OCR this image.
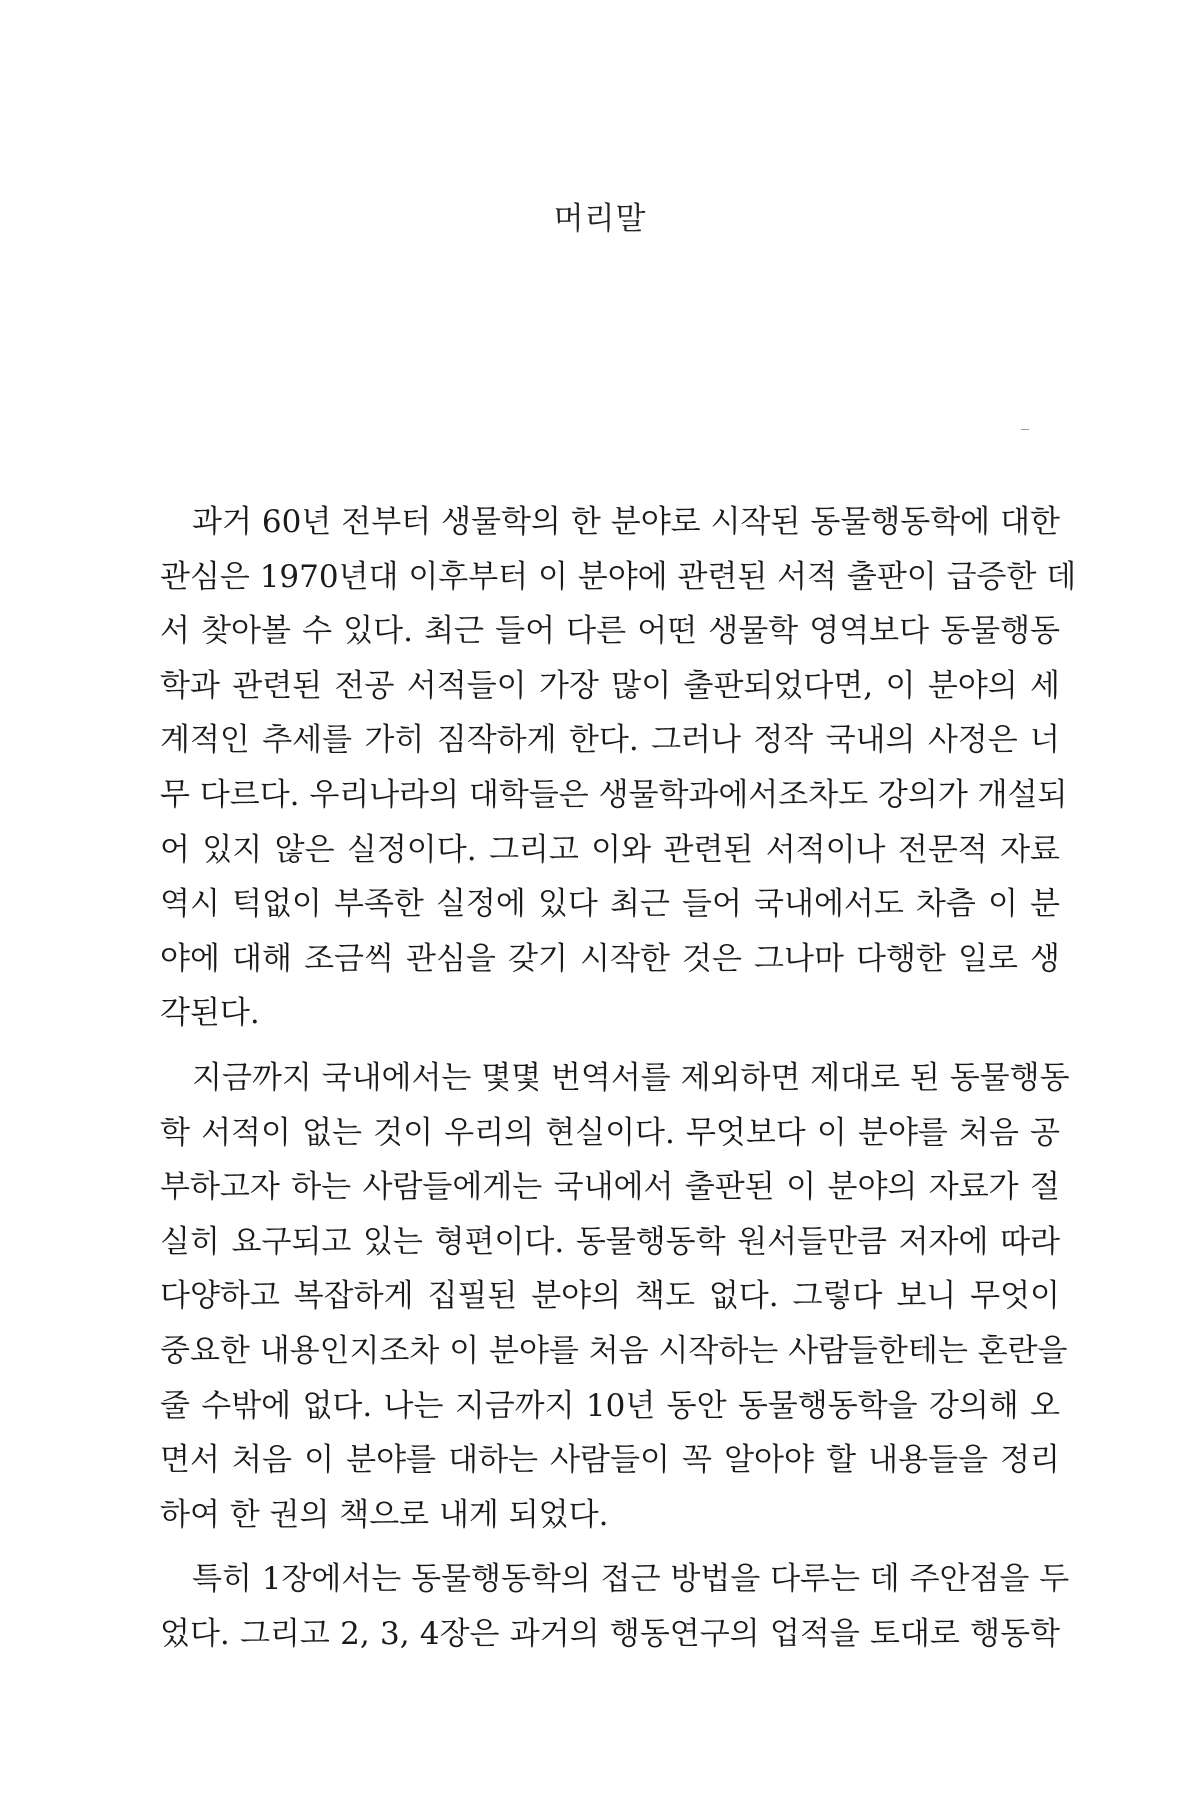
머리말
과거 60년 전부터 생물학의 한 분야로 시작된 동물행동학에 대한
관심은 1970년대 이후부터 이 분야에 관련된 서적 출판이 급증한 데
서 찾아볼 수 있다. 최근 들어 다른 어떤 생물학 영역보다 동물행동
학과 관련된 전공 서적들이 가장 많이 출판되었다면, 이 분야의 세
계적인 추세를 가히 짐작하게 한다. 그러나 정작 국내의 사정은 너
무 다르다. 우리나라의 대학들은 생물학과에서조차도 강의가 개설되
어 있지 않은 실정이다. 그리고 이와 관련된 서적이나 전문적 자료
역시 턱없이 부족한 실정에 있다 최근 들어 국내에서도 차츰 이 분
야에 대해 조금씩 관심을 갖기 시작한 것은 그나마 다행한 일로 생
각된다.
지금까지 국내에서는 몇몇 번역서를 제외하면 제대로 된 동물행동
학 서적이 없는 것이 우리의 현실이다. 무엇보다 이 분야를 처음 공
부하고자 하는 사람들에게는 국내에서 출판된 이 분야의 자료가 절
실히 요구되고 있는 형편이다. 동물행동학 원서들만큼 저자에 따라
다양하고 복잡하게 집필된 분야의 책도 없다. 그렇다 보니 무엇이
중요한 내용인지조차 이 분야를 처음 시작하는 사람들한테는 혼란을
줄 수밖에 없다. 나는 지금까지 10년 동안 동물행동학을 강의해 오
면서 처음 이 분야를 대하는 사람들이 꼭 알아야 할 내용들을 정리
하여 한 권의 책으로 내게 되었다.
특히 1장에서는 동물행동학의 접근 방법을 다루는 데 주안점을 두
었다. 그리고 2, 3, 4장은 과거의 행동연구의 업적을 토대로 행동학
